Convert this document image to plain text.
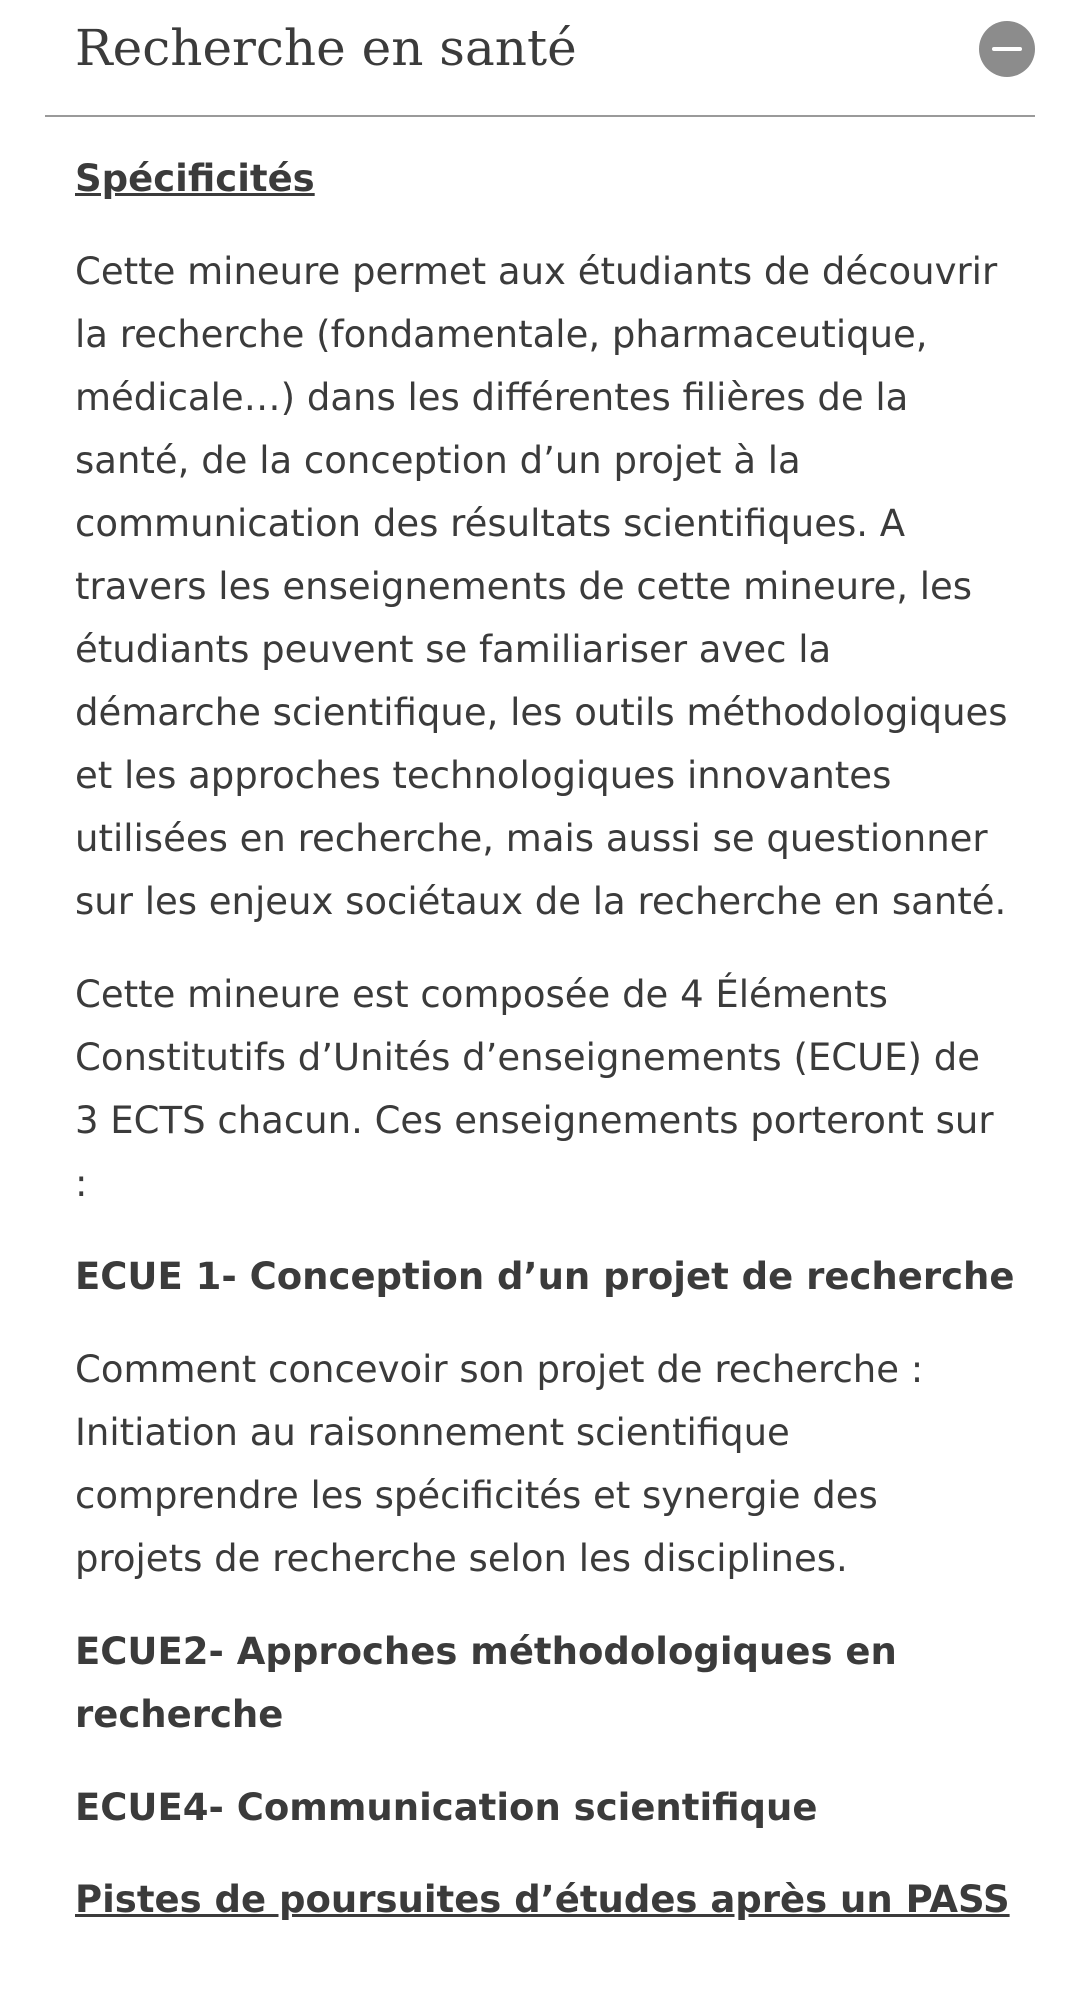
Recherche en santé
Spécificités

Cette mineure permet aux étudiants de découvrir la recherche (fondamentale, pharmaceutique, médicale…) dans les différentes filières de la santé, de la conception d’un projet à la communication des résultats scientifiques. A travers les enseignements de cette mineure, les étudiants peuvent se familiariser avec la démarche scientifique, les outils méthodologiques et les approches technologiques innovantes utilisées en recherche, mais aussi se questionner sur les enjeux sociétaux de la recherche en santé.

Cette mineure est composée de 4 Éléments Constitutifs d’Unités d’enseignements (ECUE) de 3 ECTS chacun. Ces enseignements porteront sur :

ECUE 1- Conception d’un projet de recherche

Comment concevoir son projet de recherche : Initiation au raisonnement scientifique comprendre les spécificités et synergie des projets de recherche selon les disciplines.

ECUE2- Approches méthodologiques en recherche
ECUE4- Communication scientifique
Pistes de poursuites d’études après un PASS
